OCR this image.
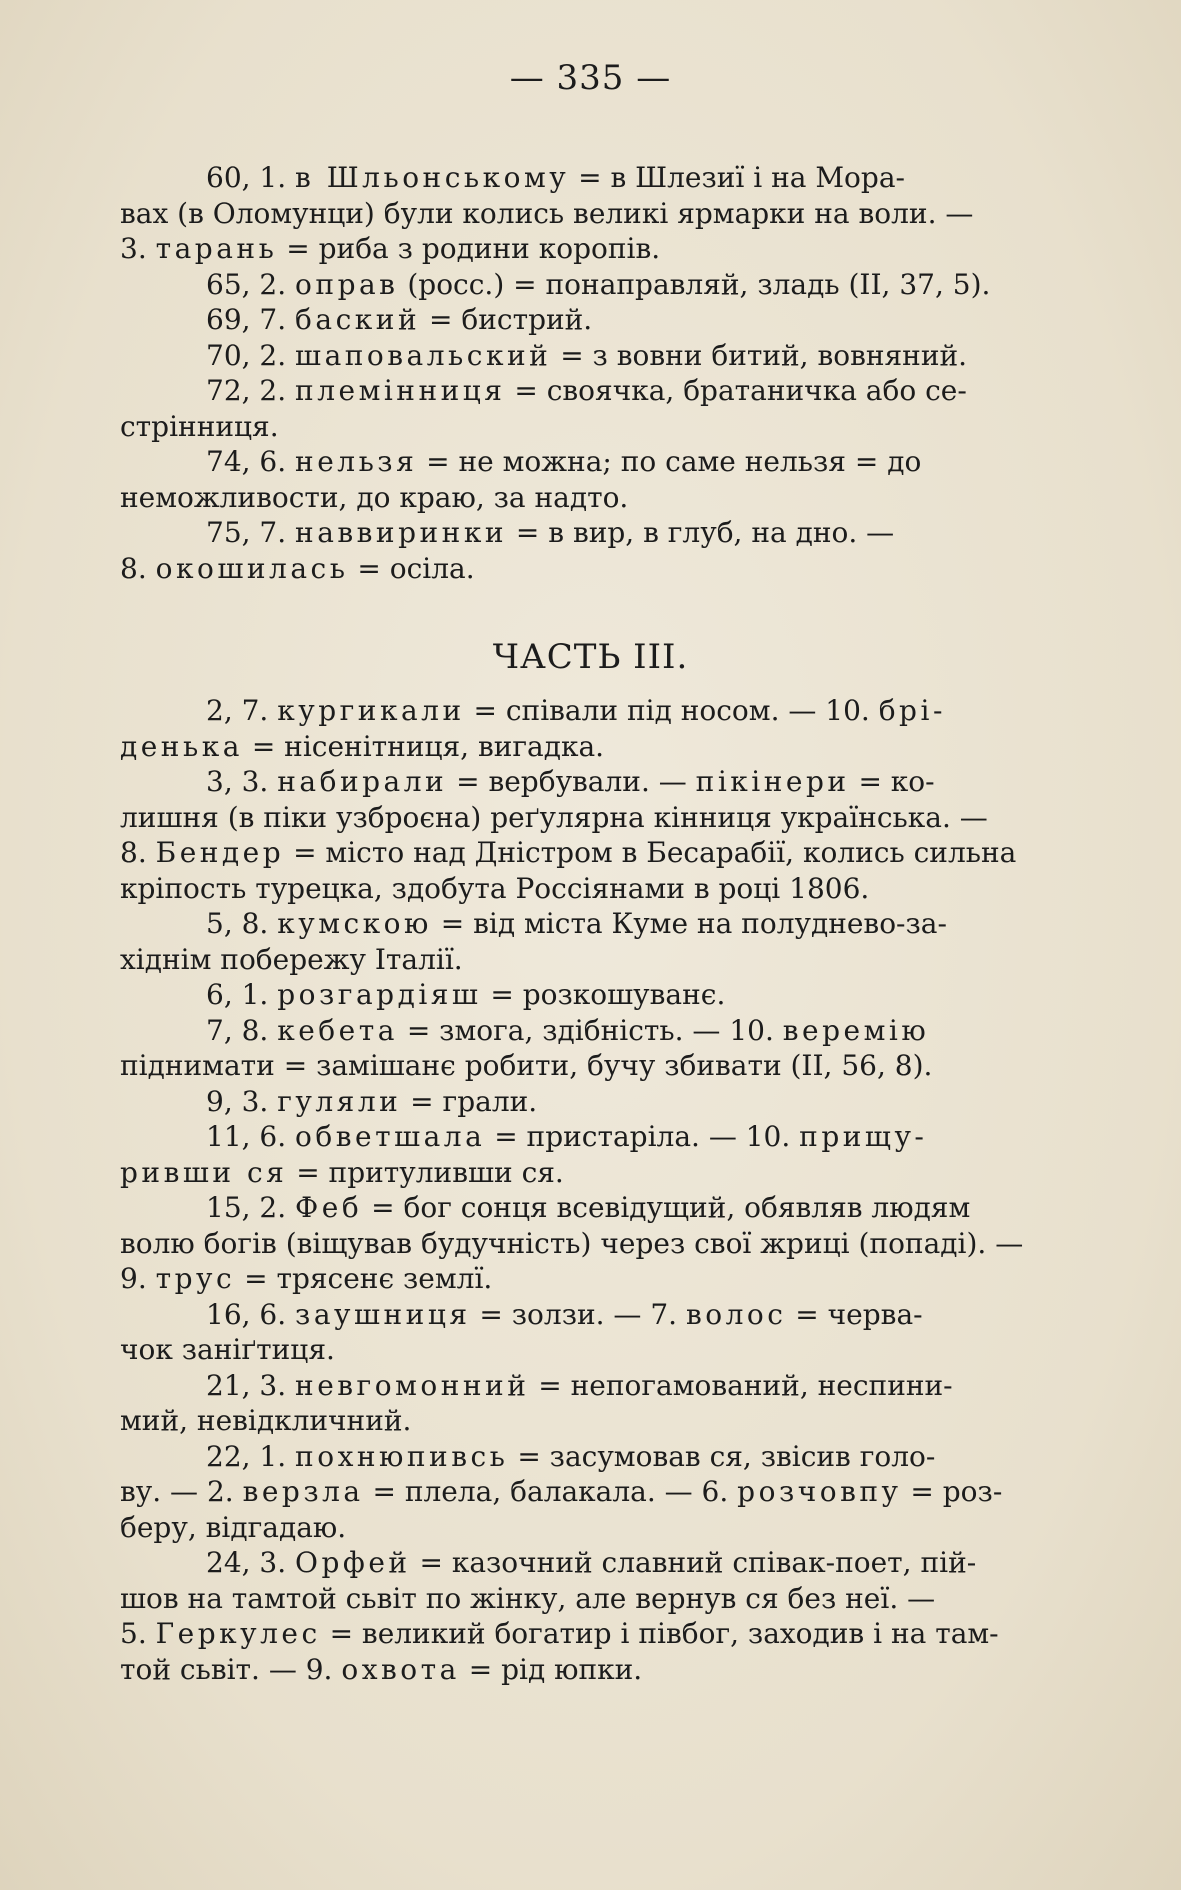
— 335 —
60, 1. в Шльонському = в Шлезиї і на Мора-
вах (в Оломунци) були колись великі ярмарки на воли. —
3. тарань = риба з родини коропів.
65, 2. оправ (росс.) = понаправляй, зладь (II, 37, 5).
69, 7. баский = бистрий.
70, 2. шаповальский = з вовни битий, вовняний.
72, 2. племінниця = своячка, братаничка або се-
стрінниця.
74, 6. нельзя = не можна; по саме нельзя = до
неможливости, до краю, за надто.
75, 7. наввиринки = в вир, в глуб, на дно. —
8. окошилась = осіла.
ЧАСТЬ III.
2, 7. кургикали = співали під носом. — 10. брі-
денька = нісенітниця, вигадка.
3, 3. набирали = вербували. — пікінери = ко-
лишня (в піки узброєна) реґулярна кінниця українська. —
8. Бендер = місто над Дністром в Бесарабії, колись сильна
кріпость турецка, здобута Россіянами в році 1806.
5, 8. кумскою = від міста Куме на полуднево-за-
хіднім побережу Італії.
6, 1. розгардіяш = розкошуванє.
7, 8. кебета = змога, здібність. — 10. веремію
піднимати = замішанє робити, бучу збивати (II, 56, 8).
9, 3. гуляли = грали.
11, 6. обветшала = пристаріла. — 10. прищу-
ривши ся = притуливши ся.
15, 2. Феб = бог сонця всевідущий, обявляв людям
волю богів (віщував будучність) через свої жриці (попаді). —
9. трус = трясенє землї.
16, 6. заушниця = золзи. — 7. волос = черва-
чок заніґтиця.
21, 3. невгомонний = непогамований, неспини-
мий, невідкличний.
22, 1. похнюпивсь = засумовав ся, звісив голо-
ву. — 2. верзла = плела, балакала. — 6. розчовпу = роз-
беру, відгадаю.
24, 3. Орфей = казочний славний співак-поет, пій-
шов на тамтой сьвіт по жінку, але вернув ся без неї. —
5. Геркулес = великий богатир і півбог, заходив і на там-
той сьвіт. — 9. охвота = рід юпки.
